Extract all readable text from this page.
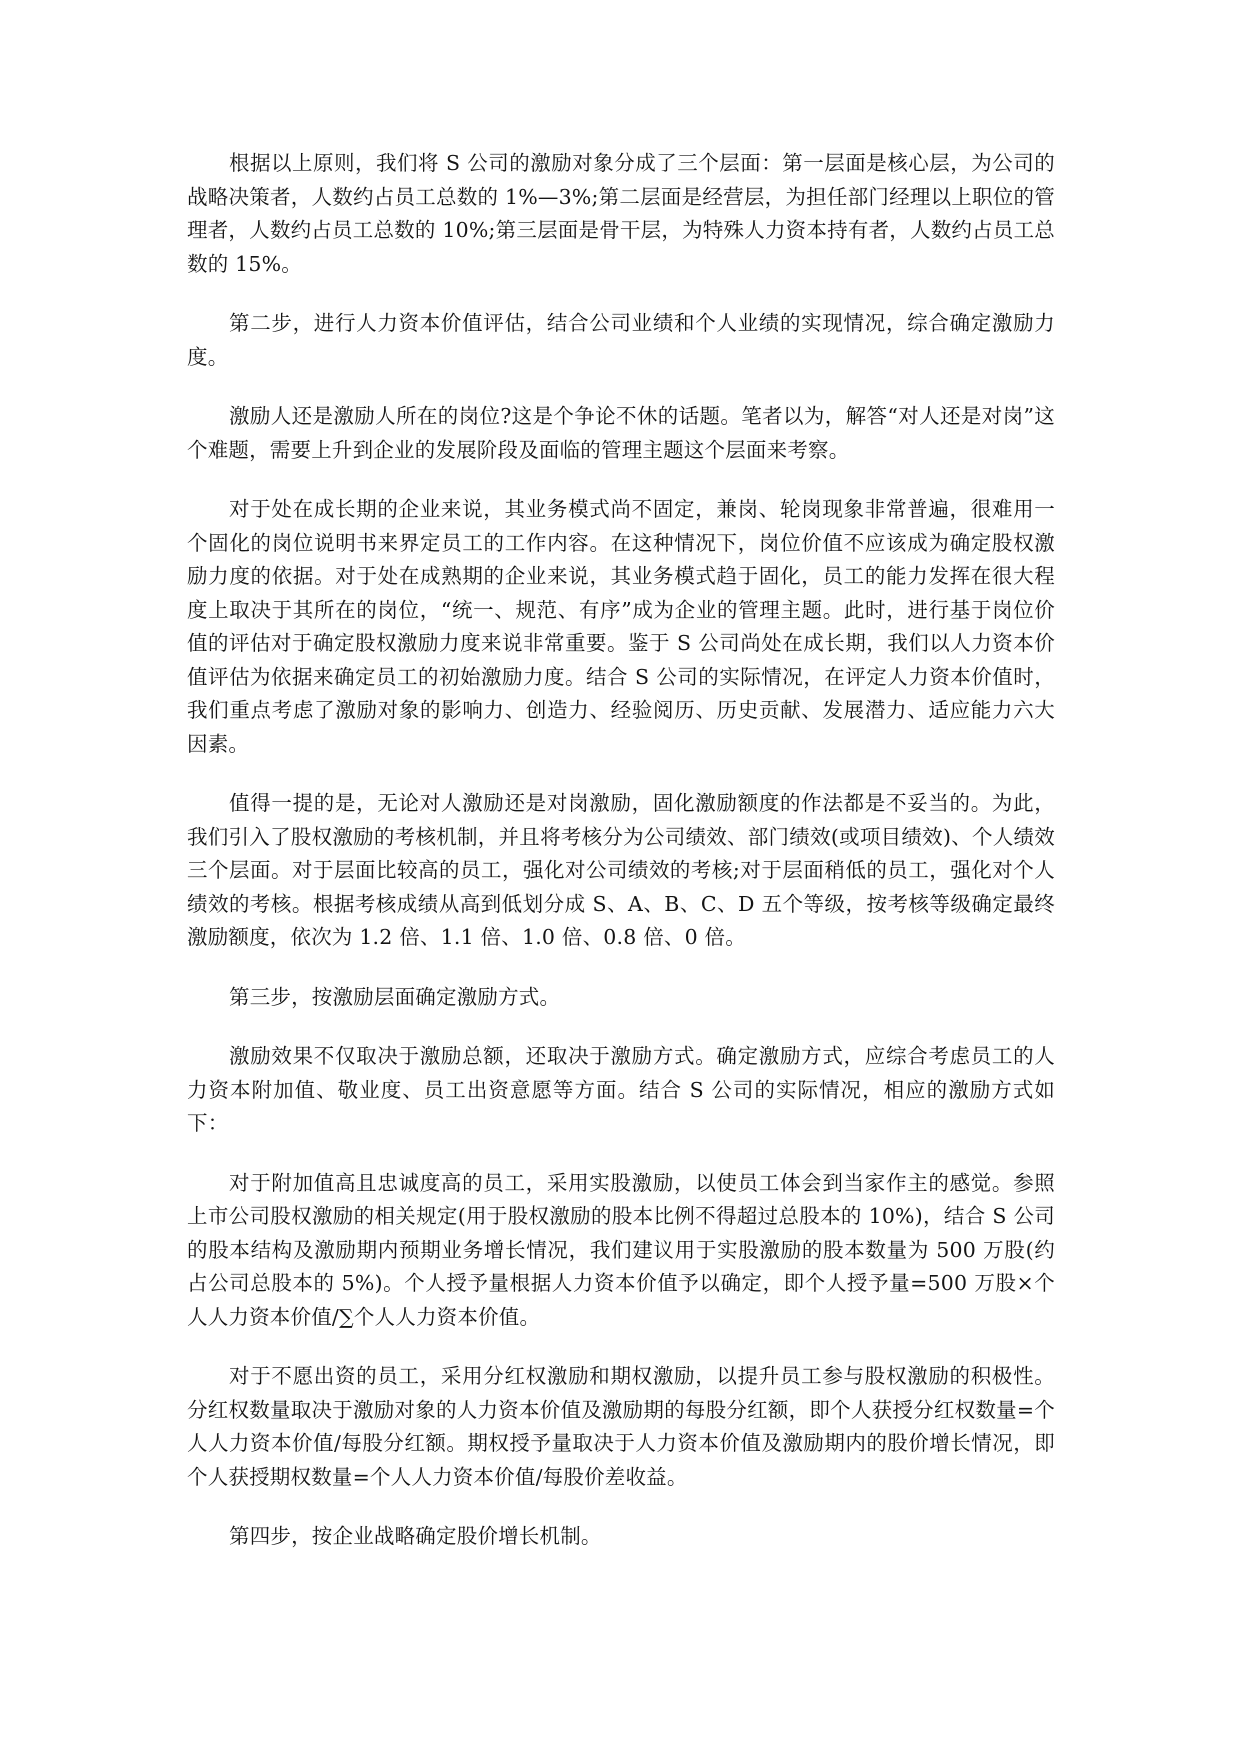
根据以上原则，我们将 S 公司的激励对象分成了三个层面：第一层面是核心层，为公司的战略决策者，人数约占员工总数的 1%—3%;第二层面是经营层，为担任部门经理以上职位的管理者，人数约占员工总数的 10%;第三层面是骨干层，为特殊人力资本持有者，人数约占员工总数的 15%。

第二步，进行人力资本价值评估，结合公司业绩和个人业绩的实现情况，综合确定激励力度。

激励人还是激励人所在的岗位?这是个争论不休的话题。笔者以为，解答“对人还是对岗”这个难题，需要上升到企业的发展阶段及面临的管理主题这个层面来考察。

对于处在成长期的企业来说，其业务模式尚不固定，兼岗、轮岗现象非常普遍，很难用一个固化的岗位说明书来界定员工的工作内容。在这种情况下，岗位价值不应该成为确定股权激励力度的依据。对于处在成熟期的企业来说，其业务模式趋于固化，员工的能力发挥在很大程度上取决于其所在的岗位，“统一、规范、有序”成为企业的管理主题。此时，进行基于岗位价值的评估对于确定股权激励力度来说非常重要。鉴于 S 公司尚处在成长期，我们以人力资本价值评估为依据来确定员工的初始激励力度。结合 S 公司的实际情况，在评定人力资本价值时，我们重点考虑了激励对象的影响力、创造力、经验阅历、历史贡献、发展潜力、适应能力六大因素。

值得一提的是，无论对人激励还是对岗激励，固化激励额度的作法都是不妥当的。为此，我们引入了股权激励的考核机制，并且将考核分为公司绩效、部门绩效(或项目绩效)、个人绩效三个层面。对于层面比较高的员工，强化对公司绩效的考核;对于层面稍低的员工，强化对个人绩效的考核。根据考核成绩从高到低划分成 S、A、B、C、D 五个等级，按考核等级确定最终激励额度，依次为 1.2 倍、1.1 倍、1.0 倍、0.8 倍、0 倍。

第三步，按激励层面确定激励方式。

激励效果不仅取决于激励总额，还取决于激励方式。确定激励方式，应综合考虑员工的人力资本附加值、敬业度、员工出资意愿等方面。结合 S 公司的实际情况，相应的激励方式如下：

对于附加值高且忠诚度高的员工，采用实股激励，以使员工体会到当家作主的感觉。参照上市公司股权激励的相关规定(用于股权激励的股本比例不得超过总股本的 10%)，结合 S 公司的股本结构及激励期内预期业务增长情况，我们建议用于实股激励的股本数量为 500 万股(约占公司总股本的 5%)。个人授予量根据人力资本价值予以确定，即个人授予量=500 万股×个人人力资本价值/∑个人人力资本价值。

对于不愿出资的员工，采用分红权激励和期权激励，以提升员工参与股权激励的积极性。分红权数量取决于激励对象的人力资本价值及激励期的每股分红额，即个人获授分红权数量=个人人力资本价值/每股分红额。期权授予量取决于人力资本价值及激励期内的股价增长情况，即个人获授期权数量=个人人力资本价值/每股价差收益。

第四步，按企业战略确定股价增长机制。
